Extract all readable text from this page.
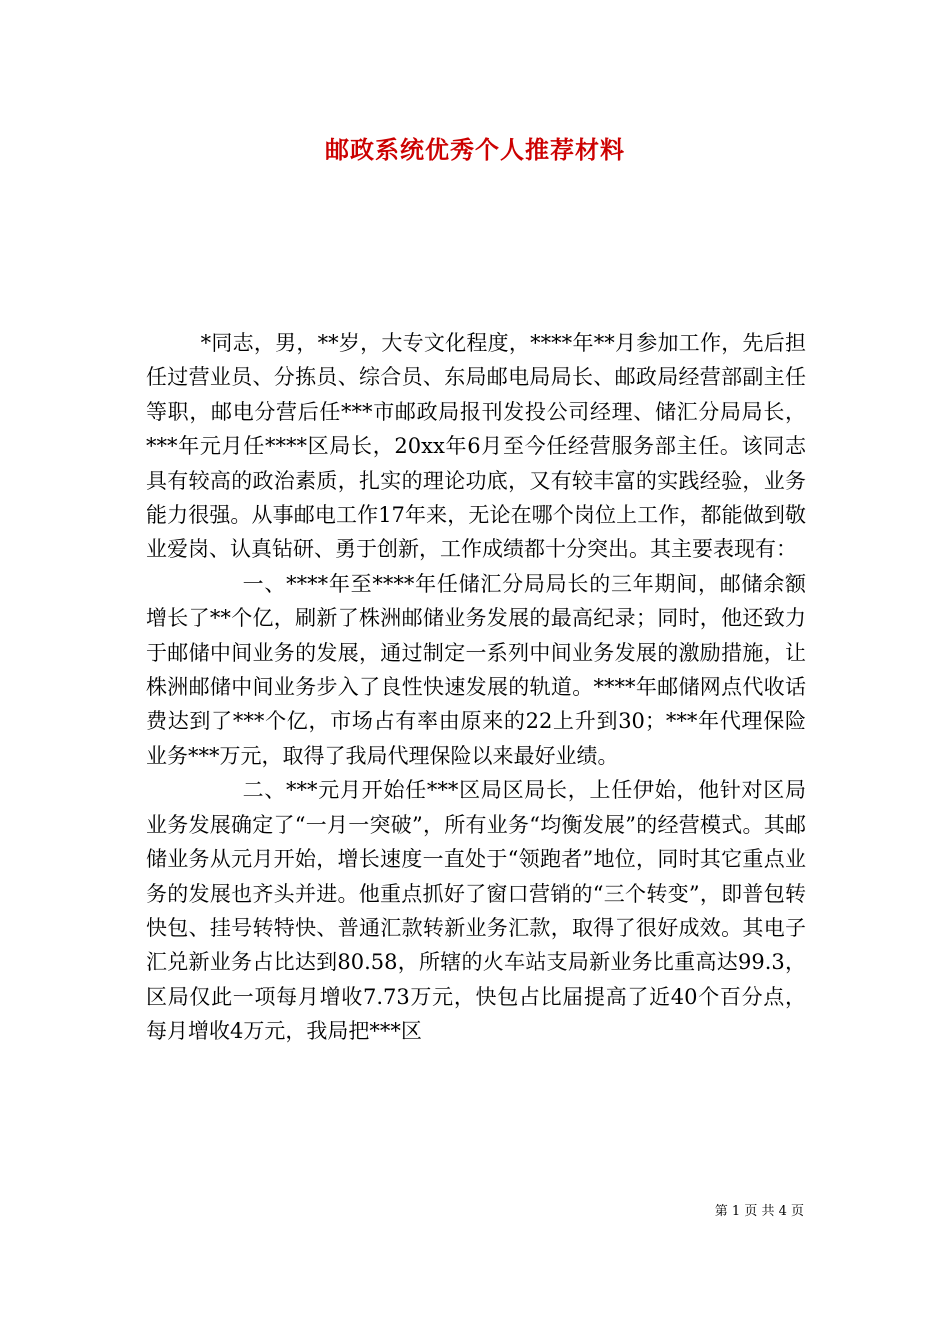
邮政系统优秀个人推荐材料

*同志，男，**岁，大专文化程度，****年**月参加工作，先后担任过营业员、分拣员、综合员、东局邮电局局长、邮政局经营部副主任等职，邮电分营后任***市邮政局报刊发投公司经理、储汇分局局长，***年元月任****区局长，20xx年6月至今任经营服务部主任。该同志具有较高的政治素质，扎实的理论功底，又有较丰富的实践经验，业务能力很强。从事邮电工作17年来，无论在哪个岗位上工作，都能做到敬业爱岗、认真钻研、勇于创新，工作成绩都十分突出。其主要表现有：

一、****年至****年任储汇分局局长的三年期间，邮储余额增长了**个亿，刷新了株洲邮储业务发展的最高纪录；同时，他还致力于邮储中间业务的发展，通过制定一系列中间业务发展的激励措施，让株洲邮储中间业务步入了良性快速发展的轨道。****年邮储网点代收话费达到了***个亿，市场占有率由原来的22上升到30；***年代理保险业务***万元，取得了我局代理保险以来最好业绩。

二、***元月开始任***区局区局长，上任伊始，他针对区局业务发展确定了“一月一突破”，所有业务“均衡发展”的经营模式。其邮储业务从元月开始，增长速度一直处于“领跑者”地位，同时其它重点业务的发展也齐头并进。他重点抓好了窗口营销的“三个转变”，即普包转快包、挂号转特快、普通汇款转新业务汇款，取得了很好成效。其电子汇兑新业务占比达到80.58，所辖的火车站支局新业务比重高达99.3，区局仅此一项每月增收7.73万元，快包占比届提高了近40个百分点，每月增收4万元，我局把***区

第 1 页 共 4 页
